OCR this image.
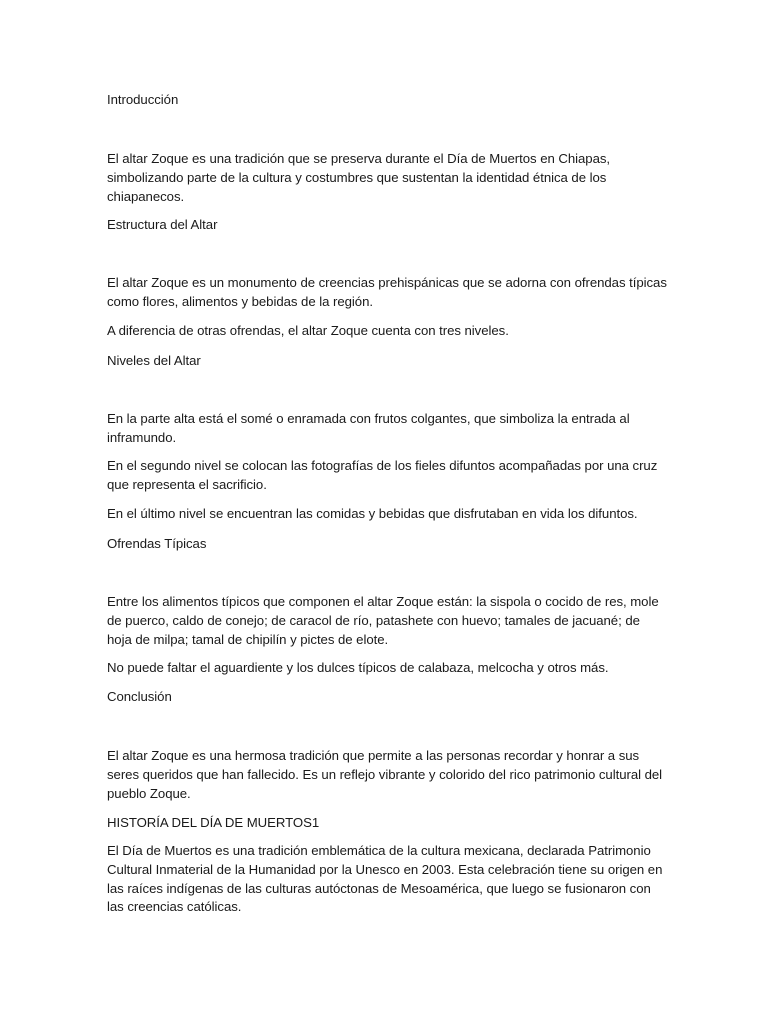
Introducción

El altar Zoque es una tradición que se preserva durante el Día de Muertos en Chiapas, simbolizando parte de la cultura y costumbres que sustentan la identidad étnica de los chiapanecos.

Estructura del Altar

El altar Zoque es un monumento de creencias prehispánicas que se adorna con ofrendas típicas como flores, alimentos y bebidas de la región.

A diferencia de otras ofrendas, el altar Zoque cuenta con tres niveles.

Niveles del Altar

En la parte alta está el somé o enramada con frutos colgantes, que simboliza la entrada al inframundo.

En el segundo nivel se colocan las fotografías de los fieles difuntos acompañadas por una cruz que representa el sacrificio.

En el último nivel se encuentran las comidas y bebidas que disfrutaban en vida los difuntos.

Ofrendas Típicas

Entre los alimentos típicos que componen el altar Zoque están: la sispola o cocido de res, mole de puerco, caldo de conejo; de caracol de río, patashete con huevo; tamales de jacuané; de hoja de milpa; tamal de chipilín y pictes de elote.

No puede faltar el aguardiente y los dulces típicos de calabaza, melcocha y otros más.

Conclusión

El altar Zoque es una hermosa tradición que permite a las personas recordar y honrar a sus seres queridos que han fallecido. Es un reflejo vibrante y colorido del rico patrimonio cultural del pueblo Zoque.

HISTORÍA DEL DÍA DE MUERTOS1

El Día de Muertos es una tradición emblemática de la cultura mexicana, declarada Patrimonio Cultural Inmaterial de la Humanidad por la Unesco en 2003. Esta celebración tiene su origen en las raíces indígenas de las culturas autóctonas de Mesoamérica, que luego se fusionaron con las creencias católicas.
